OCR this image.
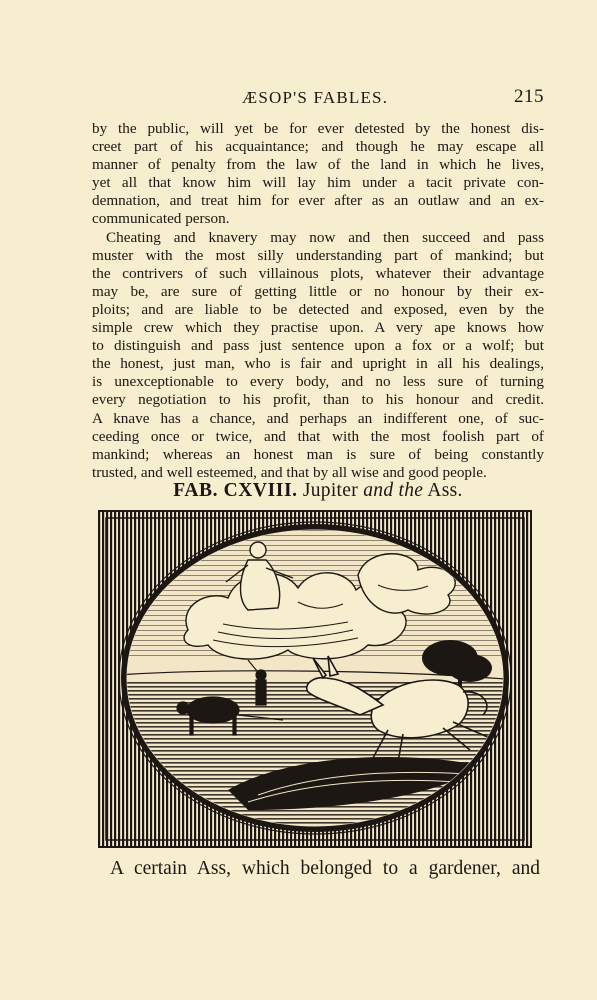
ÆSOP'S FABLES.	215
by the public, will yet be for ever detested by the honest dis-
creet part of his acquaintance; and though he may escape all
manner of penalty from the law of the land in which he lives,
yet all that know him will lay him under a tacit private con-
demnation, and treat him for ever after as an outlaw and an ex-
communicated person.
Cheating and knavery may now and then succeed and pass
muster with the most silly understanding part of mankind; but
the contrivers of such villainous plots, whatever their advantage
may be, are sure of getting little or no honour by their ex-
ploits; and are liable to be detected and exposed, even by the
simple crew which they practise upon. A very ape knows how
to distinguish and pass just sentence upon a fox or a wolf; but
the honest, just man, who is fair and upright in all his dealings,
is unexceptionable to every body, and no less sure of turning
every negotiation to his profit, than to his honour and credit.
A knave has a chance, and perhaps an indifferent one, of suc-
ceeding once or twice, and that with the most foolish part of
mankind; whereas an honest man is sure of being constantly
trusted, and well esteemed, and that by all wise and good people.
FAB. CXVIII. Jupiter and the Ass.
A certain Ass, which belonged to a gardener, and
